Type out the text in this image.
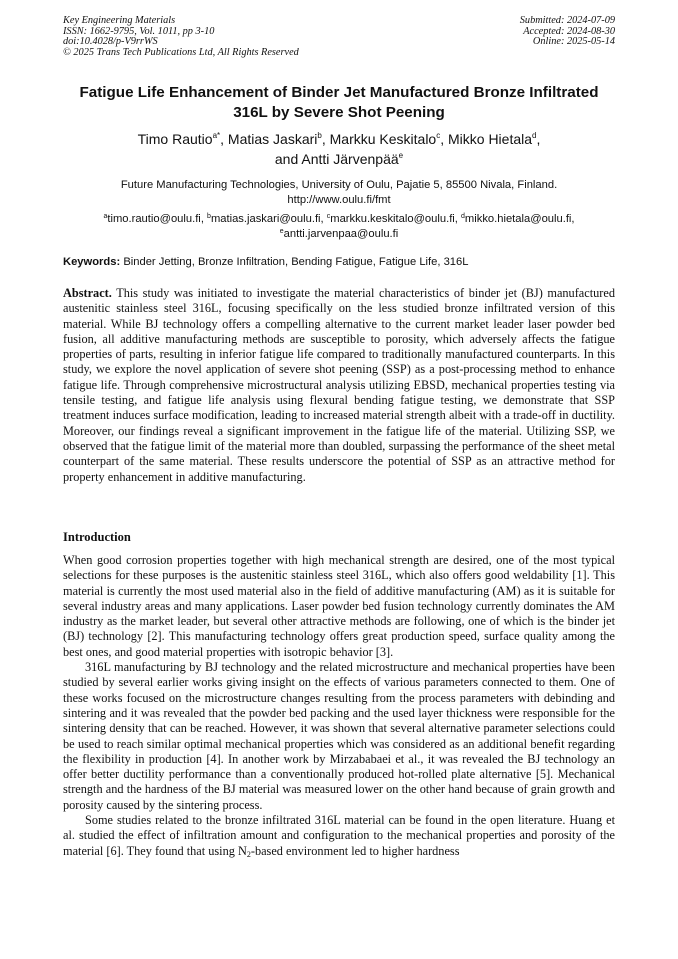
Key Engineering Materials
ISSN: 1662-9795, Vol. 1011, pp 3-10
doi:10.4028/p-V9rrWS
© 2025 Trans Tech Publications Ltd, All Rights Reserved
Submitted: 2024-07-09
Accepted: 2024-08-30
Online: 2025-05-14
Fatigue Life Enhancement of Binder Jet Manufactured Bronze Infiltrated
316L by Severe Shot Peening
Timo Rautio$^{a*}$, Matias Jaskari$^b$, Markku Keskitalo$^c$, Mikko Hietala$^d$,
and Antti Järvenpää$^e$
Future Manufacturing Technologies, University of Oulu, Pajatie 5, 85500 Nivala, Finland.
http://www.oulu.fi/fmt
$^a$timo.rautio@oulu.fi, $^b$matias.jaskari@oulu.fi, $^c$markku.keskitalo@oulu.fi, $^d$mikko.hietala@oulu.fi,
$^e$antti.jarvenpaa@oulu.fi
Keywords: Binder Jetting, Bronze Infiltration, Bending Fatigue, Fatigue Life, 316L
Abstract. This study was initiated to investigate the material characteristics of binder jet (BJ) manufactured austenitic stainless steel 316L, focusing specifically on the less studied bronze infiltrated version of this material. While BJ technology offers a compelling alternative to the current market leader laser powder bed fusion, all additive manufacturing methods are susceptible to porosity, which adversely affects the fatigue properties of parts, resulting in inferior fatigue life compared to traditionally manufactured counterparts. In this study, we explore the novel application of severe shot peening (SSP) as a post-processing method to enhance fatigue life. Through comprehensive microstructural analysis utilizing EBSD, mechanical properties testing via tensile testing, and fatigue life analysis using flexural bending fatigue testing, we demonstrate that SSP treatment induces surface modification, leading to increased material strength albeit with a trade-off in ductility. Moreover, our findings reveal a significant improvement in the fatigue life of the material. Utilizing SSP, we observed that the fatigue limit of the material more than doubled, surpassing the performance of the sheet metal counterpart of the same material. These results underscore the potential of SSP as an attractive method for property enhancement in additive manufacturing.
Introduction

When good corrosion properties together with high mechanical strength are desired, one of the most typical selections for these purposes is the austenitic stainless steel 316L, which also offers good weldability [1]. This material is currently the most used material also in the field of additive manufacturing (AM) as it is suitable for several industry areas and many applications. Laser powder bed fusion technology currently dominates the AM industry as the market leader, but several other attractive methods are following, one of which is the binder jet (BJ) technology [2]. This manufacturing technology offers great production speed, surface quality among the best ones, and good material properties with isotropic behavior [3].

316L manufacturing by BJ technology and the related microstructure and mechanical properties have been studied by several earlier works giving insight on the effects of various parameters connected to them. One of these works focused on the microstructure changes resulting from the process parameters with debinding and sintering and it was revealed that the powder bed packing and the used layer thickness were responsible for the sintering density that can be reached. However, it was shown that several alternative parameter selections could be used to reach similar optimal mechanical properties which was considered as an additional benefit regarding the flexibility in production [4]. In another work by Mirzababaei et al., it was revealed the BJ technology an offer better ductility performance than a conventionally produced hot-rolled plate alternative [5]. Mechanical strength and the hardness of the BJ material was measured lower on the other hand because of grain growth and porosity caused by the sintering process.

Some studies related to the bronze infiltrated 316L material can be found in the open literature. Huang et al. studied the effect of infiltration amount and configuration to the mechanical properties and porosity of the material [6]. They found that using $N_2$-based environment led to higher hardness
